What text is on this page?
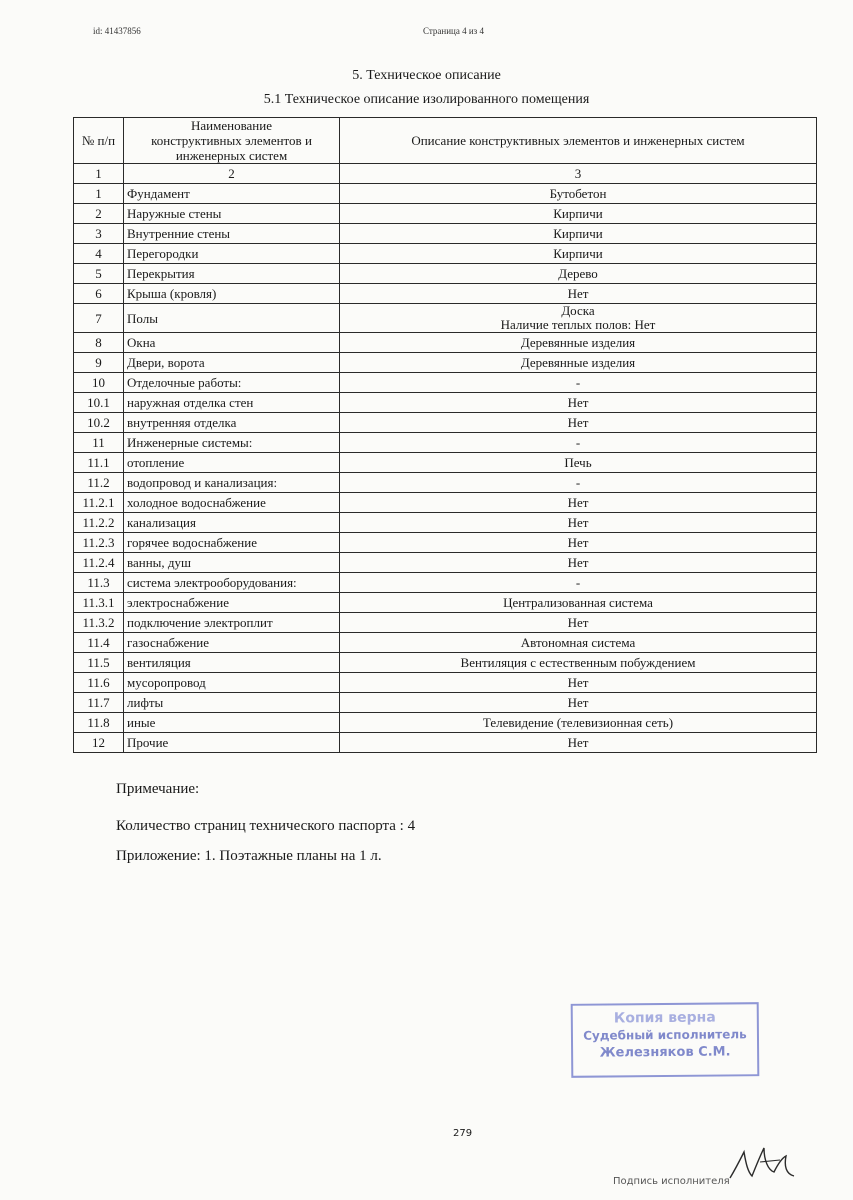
id: 41437856	Страница 4 из 4
5. Техническое описание
5.1 Техническое описание изолированного помещения
№ п/п	Наименование
конструктивных элементов и
инженерных систем	Описание конструктивных элементов и инженерных систем
1	2	3
1	Фундамент	Бутобетон
2	Наружные стены	Кирпичи
3	Внутренние стены	Кирпичи
4	Перегородки	Кирпичи
5	Перекрытия	Дерево
6	Крыша (кровля)	Нет
7	Полы	Доска
Наличие теплых полов: Нет

8	Окна	Деревянные изделия
9	Двери, ворота	Деревянные изделия
10	Отделочные работы:	-
10.1	наружная отделка стен	Нет
10.2	внутренняя отделка	Нет
11	Инженерные системы:	-
11.1	отопление	Печь
11.2	водопровод и канализация:	-
11.2.1	холодное водоснабжение	Нет
11.2.2	канализация	Нет
11.2.3	горячее водоснабжение	Нет
11.2.4	ванны, душ	Нет
11.3	система электрооборудования:	-
11.3.1	электроснабжение	Централизованная система
11.3.2	подключение электроплит	Нет
11.4	газоснабжение	Автономная система
11.5	вентиляция	Вентиляция с естественным побуждением
11.6	мусоропровод	Нет
11.7	лифты	Нет
11.8	иные	Телевидение (телевизионная сеть)
12	Прочие	Нет
Примечание:
Количество страниц технического паспорта : 4
Приложение: 1. Поэтажные планы на 1 л.
Копия верна
Судебный исполнитель
Железняков С.М.
279
Подпись исполнителя
